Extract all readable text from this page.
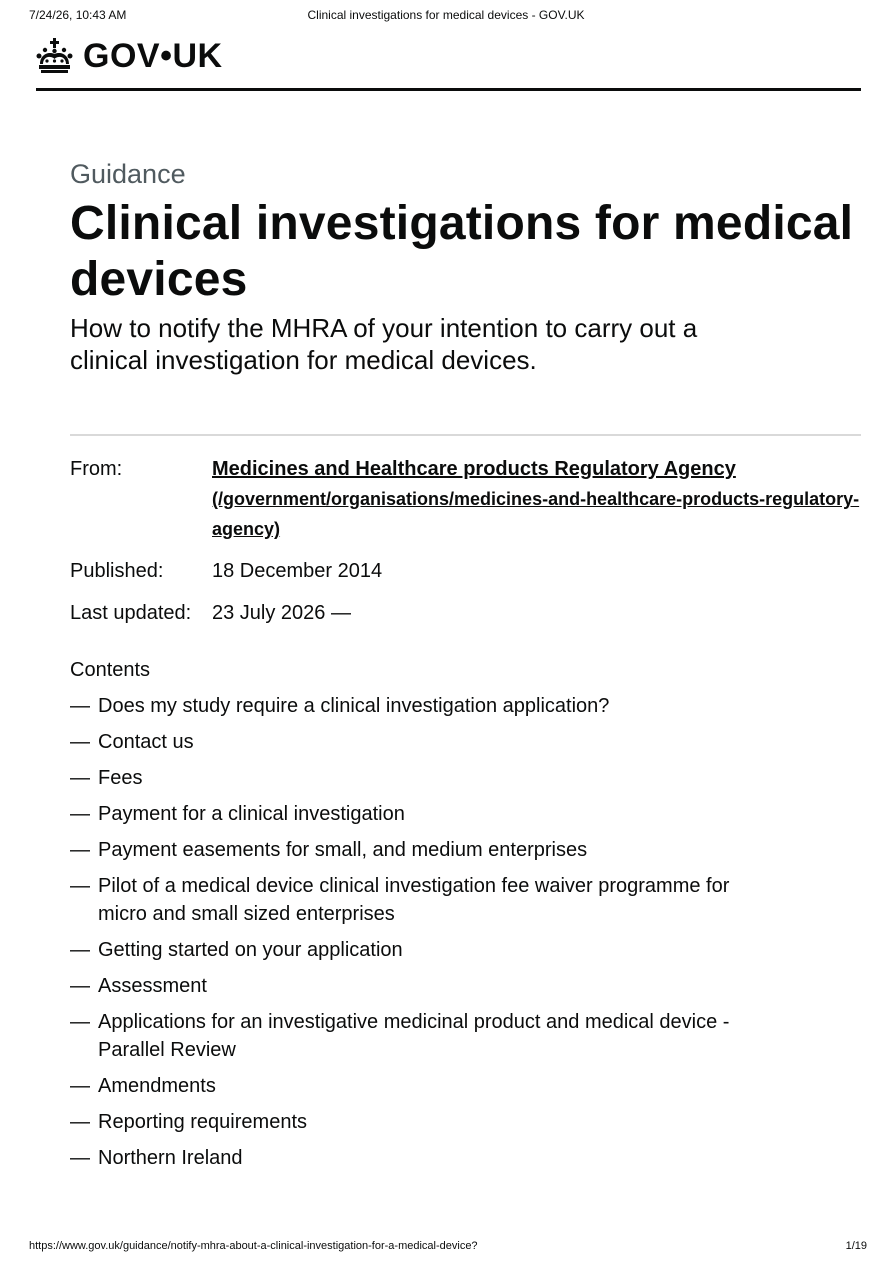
7/24/26, 10:43 AM	Clinical investigations for medical devices - GOV.UK
GOV•UK

Guidance

Clinical investigations for medical devices

How to notify the MHRA of your intention to carry out a clinical investigation for medical devices.

From:	Medicines and Healthcare products Regulatory Agency
(/government/organisations/medicines-and-healthcare-products-regulatory-agency)
Published:	18 December 2014
Last updated:	23 July 2026 —
Contents
— Does my study require a clinical investigation application?
— Contact us
— Fees
— Payment for a clinical investigation
— Payment easements for small, and medium enterprises
— Pilot of a medical device clinical investigation fee waiver programme for micro and small sized enterprises
— Getting started on your application
— Assessment
— Applications for an investigative medicinal product and medical device - Parallel Review
— Amendments
— Reporting requirements
— Northern Ireland
https://www.gov.uk/guidance/notify-mhra-about-a-clinical-investigation-for-a-medical-device?	1/19
